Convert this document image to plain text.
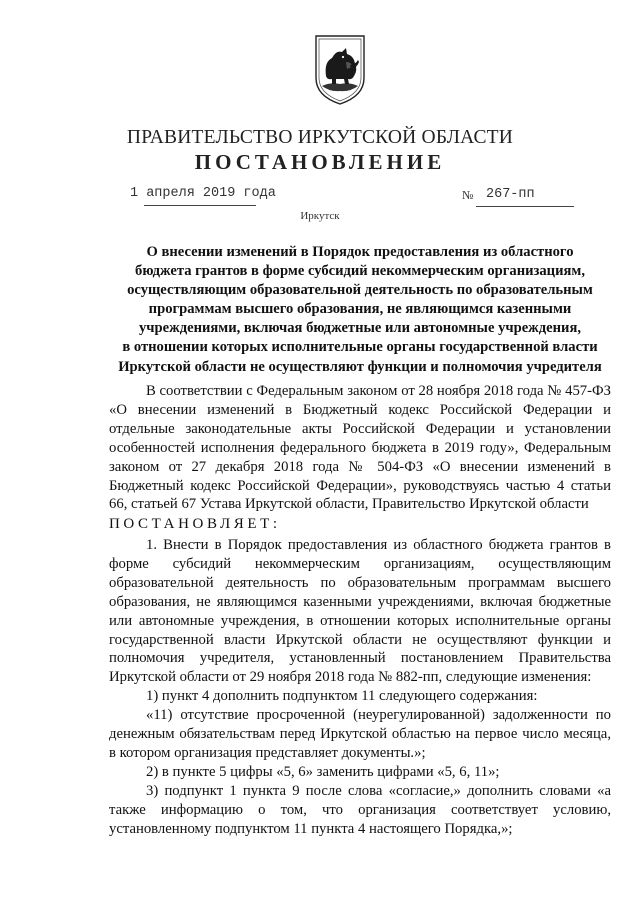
ПРАВИТЕЛЬСТВО ИРКУТСКОЙ ОБЛАСТИ
ПОСТАНОВЛЕНИЕ
1 апреля 2019 года	№ 267-пп
Иркутск
О внесении изменений в Порядок предоставления из областного
бюджета грантов в форме субсидий некоммерческим организациям,
осуществляющим образовательной деятельность по образовательным
программам высшего образования, не являющимся казенными
учреждениями, включая бюджетные или автономные учреждения,
в отношении которых исполнительные органы государственной власти
Иркутской области не осуществляют функции и полномочия учредителя

В соответствии с Федеральным законом от 28 ноября 2018 года № 457-ФЗ «О внесении изменений в Бюджетный кодекс Российской Федерации и отдельные законодательные акты Российской Федерации и установлении особенностей исполнения федерального бюджета в 2019 году», Федеральным законом от 27 декабря 2018 года № 504-ФЗ «О внесении изменений в Бюджетный кодекс Российской Федерации», руководствуясь частью 4 статьи 66, статьей 67 Устава Иркутской области, Правительство Иркутской области

ПОСТАНОВЛЯЕТ:

1. Внести в Порядок предоставления из областного бюджета грантов в форме субсидий некоммерческим организациям, осуществляющим образовательной деятельность по образовательным программам высшего образования, не являющимся казенными учреждениями, включая бюджетные или автономные учреждения, в отношении которых исполнительные органы государственной власти Иркутской области не осуществляют функции и полномочия учредителя, установленный постановлением Правительства Иркутской области от 29 ноября 2018 года № 882-пп, следующие изменения:

1) пункт 4 дополнить подпунктом 11 следующего содержания:

«11) отсутствие просроченной (неурегулированной) задолженности по денежным обязательствам перед Иркутской областью на первое число месяца, в котором организация представляет документы.»;

2) в пункте 5 цифры «5, 6» заменить цифрами «5, 6, 11»;

3) подпункт 1 пункта 9 после слова «согласие,» дополнить словами «а также информацию о том, что организация соответствует условию, установленному подпунктом 11 пункта 4 настоящего Порядка,»;
